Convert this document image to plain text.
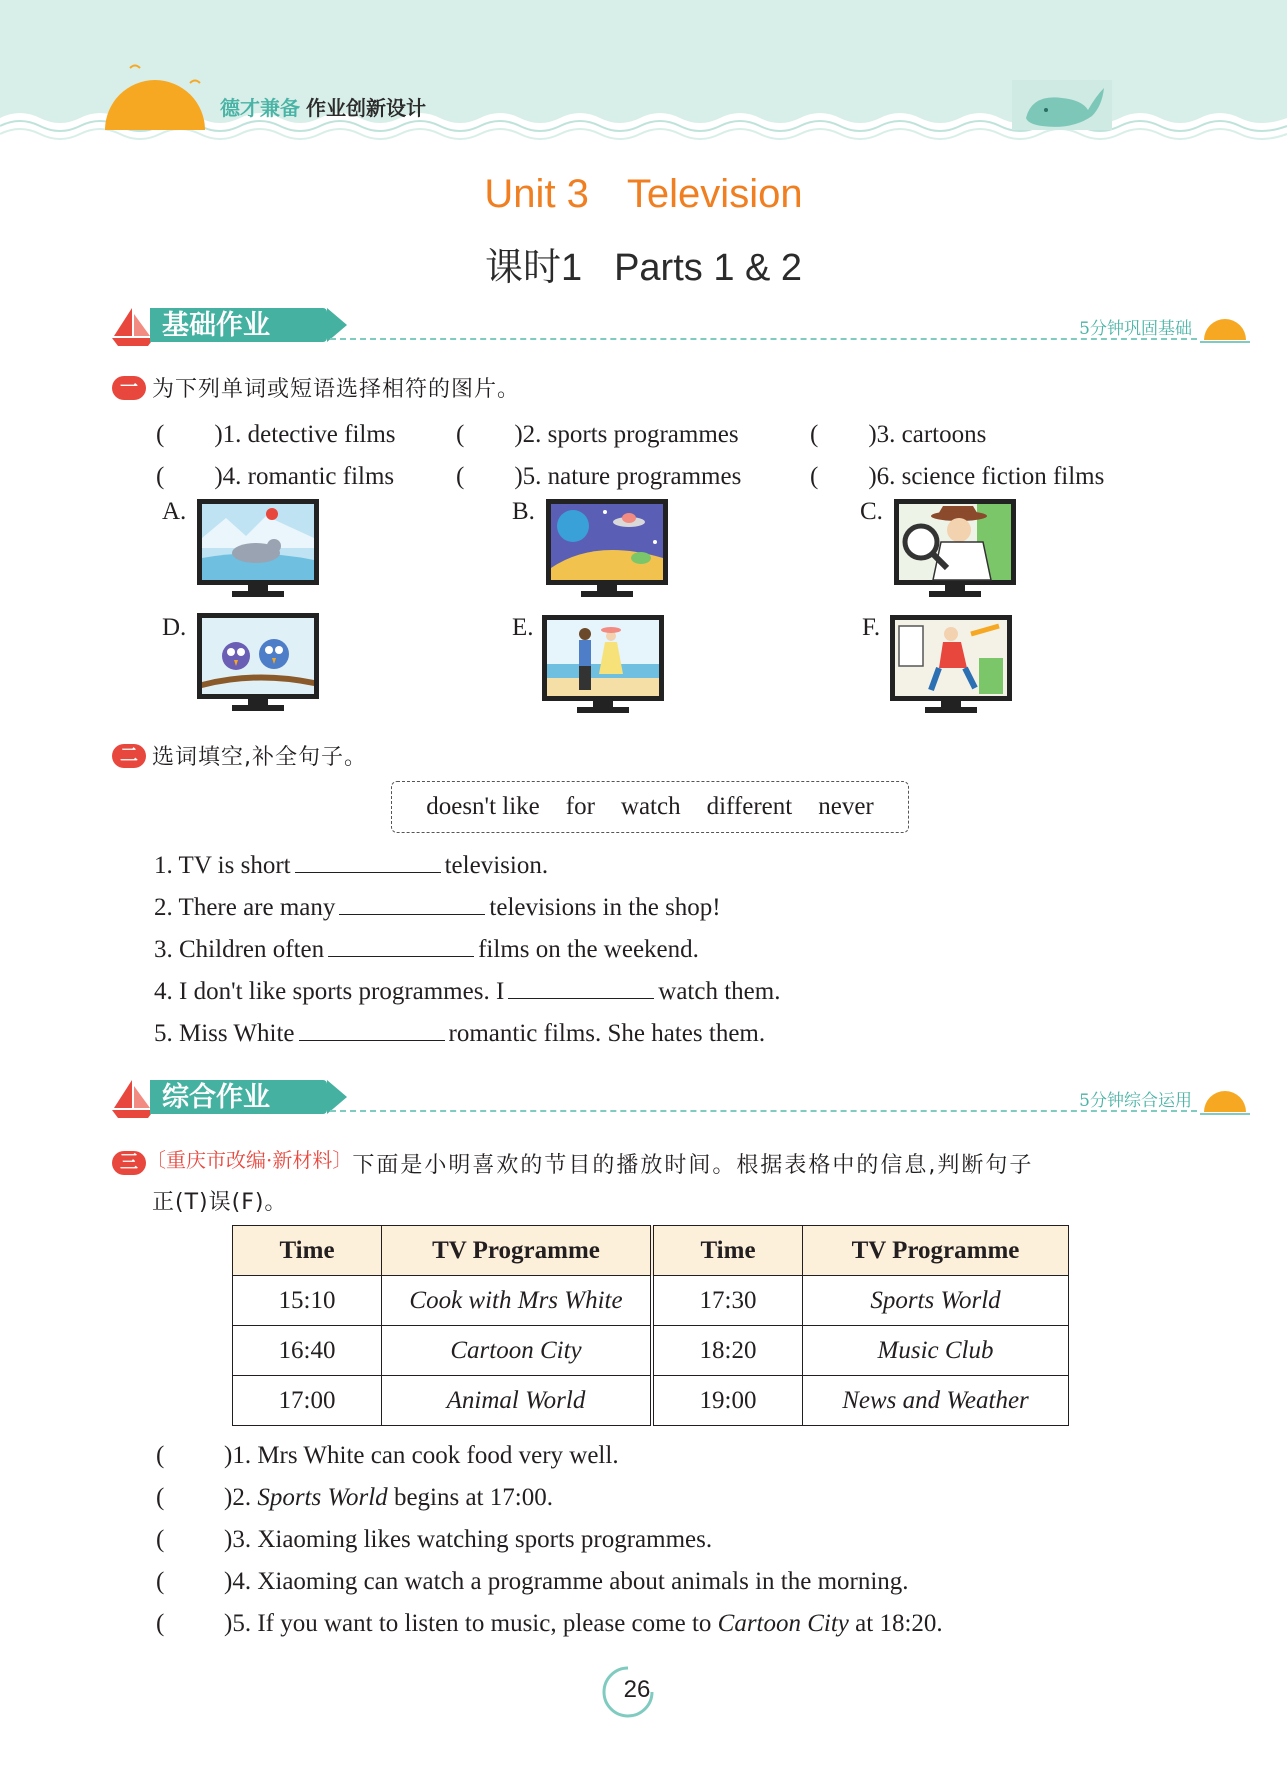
德才兼备 作业创新设计
Unit 3 Television
课时1 Parts 1 & 2
基础作业	5分钟巩固基础
一 为下列单词或短语选择相符的图片。
(　　)1. detective films (　　)2. sports programmes	(　　)3. cartoons
(　　)4. romantic films (　　)5. nature programmes	(　　)6. science fiction films
A.	B.	C.
D.	E.	F.
二 选词填空,补全句子。
doesn't like for watch different never
1. TV is short	television.
2. There are many	televisions in the shop!
3. Children often	films on the weekend.
4. I don't like sports programmes. I	watch them.
5. Miss White	romantic films. She hates them.
综合作业	5分钟综合运用
三 〔重庆市改编·新材料〕下面是小明喜欢的节目的播放时间。根据表格中的信息,判断句子
正(T)误(F)。
Time	TV Programme	Time	TV Programme
15:10	Cook with Mrs White	17:30	Sports World
16:40	Cartoon City	18:20	Music Club
17:00	Animal World	19:00	News and Weather
( )1. Mrs White can cook food very well.
( )2. Sports World begins at 17:00.
( )3. Xiaoming likes watching sports programmes.
( )4. Xiaoming can watch a programme about animals in the morning.
( )5. If you want to listen to music, please come to Cartoon City at 18:20.
26
